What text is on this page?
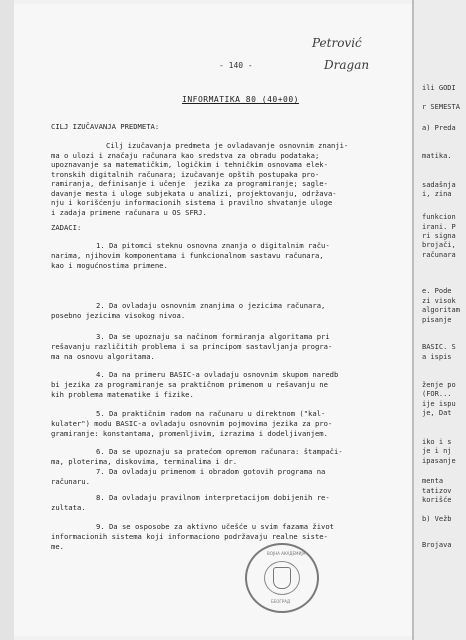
ili GODI
r SEMESTA
a) Preda
matika.
sadašnja
i, zina
funkcion
irani. P
ri signa
brojači,
računara
e. Pode
zi visok
algoritam
pisanje
BASIC. S
a ispis
ženje po
(FOR...
ije ispu
je, Dat
iko i s
je i nj
ipasanje
menta
tatizov
korišće
b) Vežb
Brojava
- 140 -
Petrović
Dragan
INFORMATIKA 80 (40+00)
CILJ IZUČAVANJA PREDMETA:
Cilj izučavanja predmeta je ovladavanje osnovnim znanji-
ma o ulozi i značaju računara kao sredstva za obradu podataka;
upoznavanje sa matematičkim, logičkim i tehničkim osnovama elek-
tronskih digitalnih računara; izučavanje opštih postupaka pro-
ramiranja, definisanje i učenje  jezika za programiranje; sagle-
davanje mesta i uloge subjekata u analizi, projektovanju, održava-
nju i korišćenju informacionih sistema i pravilno shvatanje uloge
i zadaja primene računara u OS SFRJ.
ZADACI:
1. Da pitomci steknu osnovna znanja o digitalnim raču-
narima, njihovim komponentama i funkcionalnom sastavu računara,
kao i mogućnostima primene.
2. Da ovladaju osnovnim znanjima o jezicima računara,
posebno jezicima visokog nivoa.
3. Da se upoznaju sa načinom formiranja algoritama pri
rešavanju različitih problema i sa principom sastavljanja progra-
ma na osnovu algoritama.
4. Da na primeru BASIC-a ovladaju osnovnim skupom naredb
bi jezika za programiranje sa praktičnom primenom u rešavanju ne
kih problema matematike i fizike.
5. Da praktičnim radom na računaru u direktnom ("kal-
kulater") modu BASIC-a ovladaju osnovnim pojmovima jezika za pro-
gramiranje: konstantama, promenljivim, izrazima i dodeljivanjem.
6. Da se upoznaju sa pratećom opremom računara: štampači-
ma, ploterima, diskovima, terminalima i dr.
7. Da ovladaju primenom i obradom gotovih programa na
računaru.
8. Da ovladaju pravilnom interpretacijom dobijenih re-
zultata.
9. Da se osposobe za aktivno učešće u svim fazama život
informacionih sistema koji informaciono podržavaju realne siste-
me.
ВОЈНА АКАДЕМИЈА
БЕОГРАД
